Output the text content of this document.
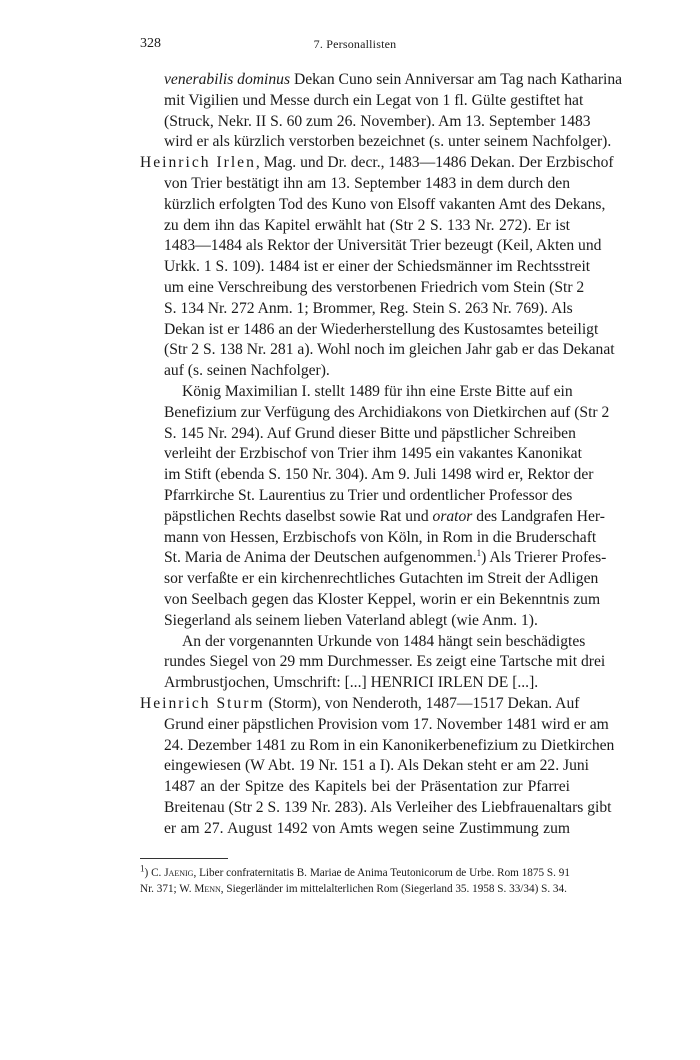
328	7. Personallisten
venerabilis dominus Dekan Cuno sein Anniversar am Tag nach Katharina
mit Vigilien und Messe durch ein Legat von 1 fl. Gülte gestiftet hat
(Struck, Nekr. II S. 60 zum 26. November). Am 13. September 1483
wird er als kürzlich verstorben bezeichnet (s. unter seinem Nachfolger).
Heinrich Irlen, Mag. und Dr. decr., 1483—1486 Dekan. Der Erzbischof
von Trier bestätigt ihn am 13. September 1483 in dem durch den
kürzlich erfolgten Tod des Kuno von Elsoff vakanten Amt des Dekans,
zu dem ihn das Kapitel erwählt hat (Str 2 S. 133 Nr. 272). Er ist
1483—1484 als Rektor der Universität Trier bezeugt (Keil, Akten und
Urkk. 1 S. 109). 1484 ist er einer der Schiedsmänner im Rechtsstreit
um eine Verschreibung des verstorbenen Friedrich vom Stein (Str 2
S. 134 Nr. 272 Anm. 1; Brommer, Reg. Stein S. 263 Nr. 769). Als
Dekan ist er 1486 an der Wiederherstellung des Kustosamtes beteiligt
(Str 2 S. 138 Nr. 281 a). Wohl noch im gleichen Jahr gab er das Dekanat
auf (s. seinen Nachfolger).
König Maximilian I. stellt 1489 für ihn eine Erste Bitte auf ein
Benefizium zur Verfügung des Archidiakons von Dietkirchen auf (Str 2
S. 145 Nr. 294). Auf Grund dieser Bitte und päpstlicher Schreiben
verleiht der Erzbischof von Trier ihm 1495 ein vakantes Kanonikat
im Stift (ebenda S. 150 Nr. 304). Am 9. Juli 1498 wird er, Rektor der
Pfarrkirche St. Laurentius zu Trier und ordentlicher Professor des
päpstlichen Rechts daselbst sowie Rat und orator des Landgrafen Her-
mann von Hessen, Erzbischofs von Köln, in Rom in die Bruderschaft
St. Maria de Anima der Deutschen aufgenommen.$^1$) Als Trierer Profes-
sor verfaßte er ein kirchenrechtliches Gutachten im Streit der Adligen
von Seelbach gegen das Kloster Keppel, worin er ein Bekenntnis zum
Siegerland als seinem lieben Vaterland ablegt (wie Anm. 1).
An der vorgenannten Urkunde von 1484 hängt sein beschädigtes
rundes Siegel von 29 mm Durchmesser. Es zeigt eine Tartsche mit drei
Armbrustjochen, Umschrift: [...] HENRICI IRLEN DE [...].
Heinrich Sturm (Storm), von Nenderoth, 1487—1517 Dekan. Auf
Grund einer päpstlichen Provision vom 17. November 1481 wird er am
24. Dezember 1481 zu Rom in ein Kanonikerbenefizium zu Dietkirchen
eingewiesen (W Abt. 19 Nr. 151 a I). Als Dekan steht er am 22. Juni
1487 an der Spitze des Kapitels bei der Präsentation zur Pfarrei
Breitenau (Str 2 S. 139 Nr. 283). Als Verleiher des Liebfrauenaltars gibt
er am 27. August 1492 von Amts wegen seine Zustimmung zum
$^1$) C. Jaenig, Liber confraternitatis B. Mariae de Anima Teutonicorum de Urbe. Rom 1875 S. 91 Nr. 371; W. Menn, Siegerländer im mittelalterlichen Rom (Siegerland 35. 1958 S. 33/34) S. 34.
